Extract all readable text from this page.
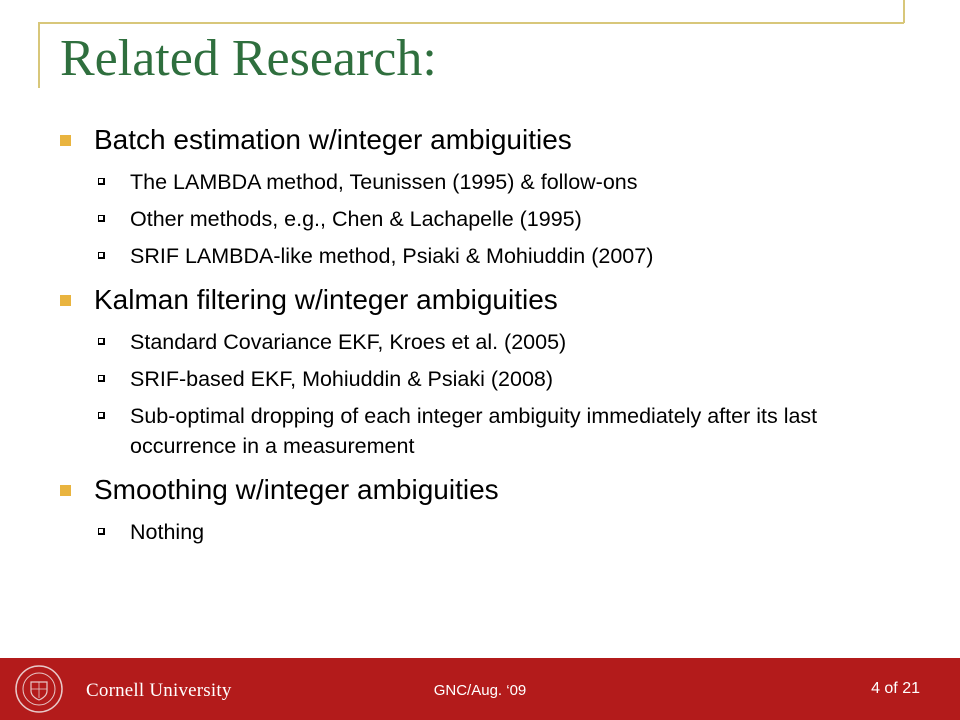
Related Research:
Batch estimation w/integer ambiguities
The LAMBDA method, Teunissen (1995) & follow-ons
Other methods, e.g., Chen & Lachapelle (1995)
SRIF LAMBDA-like method, Psiaki & Mohiuddin (2007)
Kalman filtering w/integer ambiguities
Standard Covariance EKF, Kroes et al. (2005)
SRIF-based EKF, Mohiuddin & Psiaki (2008)
Sub-optimal dropping of each integer ambiguity immediately after its last occurrence in a measurement
Smoothing w/integer ambiguities
Nothing
Cornell University	GNC/Aug. ‘09	4 of 21
